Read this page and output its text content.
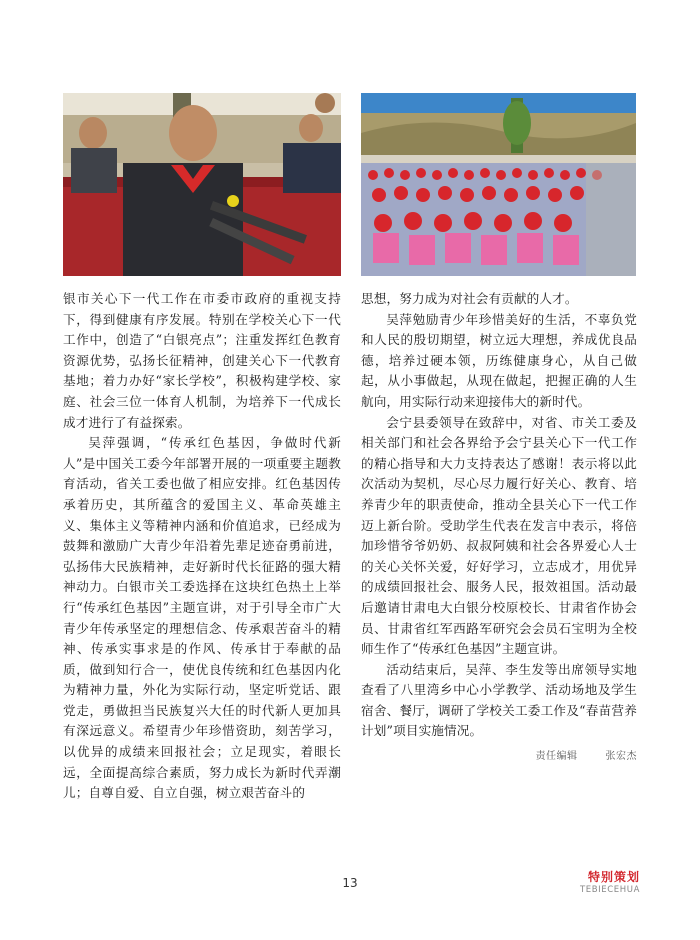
银市关心下一代工作在市委市政府的重视支持下，得到健康有序发展。特别在学校关心下一代工作中，创造了“白银亮点”；注重发挥红色教育资源优势，弘扬长征精神，创建关心下一代教育基地；着力办好“家长学校”，积极构建学校、家庭、社会三位一体育人机制，为培养下一代成长成才进行了有益探索。

吴萍强调，“传承红色基因，争做时代新人”是中国关工委今年部署开展的一项重要主题教育活动，省关工委也做了相应安排。红色基因传承着历史，其所蕴含的爱国主义、革命英雄主义、集体主义等精神内涵和价值追求，已经成为鼓舞和激励广大青少年沿着先辈足迹奋勇前进，弘扬伟大民族精神，走好新时代长征路的强大精神动力。白银市关工委选择在这块红色热土上举行“传承红色基因”主题宣讲，对于引导全市广大青少年传承坚定的理想信念、传承艰苦奋斗的精神、传承实事求是的作风、传承甘于奉献的品质，做到知行合一，使优良传统和红色基因内化为精神力量，外化为实际行动，坚定听党话、跟党走，勇做担当民族复兴大任的时代新人更加具有深远意义。希望青少年珍惜资助，刻苦学习，以优异的成绩来回报社会；立足现实，着眼长远，全面提高综合素质，努力成长为新时代弄潮儿；自尊自爱、自立自强，树立艰苦奋斗的

思想，努力成为对社会有贡献的人才。

吴萍勉励青少年珍惜美好的生活，不辜负党和人民的殷切期望，树立远大理想，养成优良品德，培养过硬本领，历练健康身心，从自己做起，从小事做起，从现在做起，把握正确的人生航向，用实际行动来迎接伟大的新时代。

会宁县委领导在致辞中，对省、市关工委及相关部门和社会各界给予会宁县关心下一代工作的精心指导和大力支持表达了感谢！表示将以此次活动为契机，尽心尽力履行好关心、教育、培养青少年的职责使命，推动全县关心下一代工作迈上新台阶。受助学生代表在发言中表示，将倍加珍惜爷爷奶奶、叔叔阿姨和社会各界爱心人士的关心关怀关爱，好好学习，立志成才，用优异的成绩回报社会、服务人民，报效祖国。活动最后邀请甘肃电大白银分校原校长、甘肃省作协会员、甘肃省红军西路军研究会会员石宝明为全校师生作了“传承红色基因”主题宣讲。

活动结束后，吴萍、李生发等出席领导实地查看了八里湾乡中心小学教学、活动场地及学生宿舍、餐厅，调研了学校关工委工作及“春苗营养计划”项目实施情况。

责任编辑	张宏杰
13	特别策划
TEBIECEHUA
